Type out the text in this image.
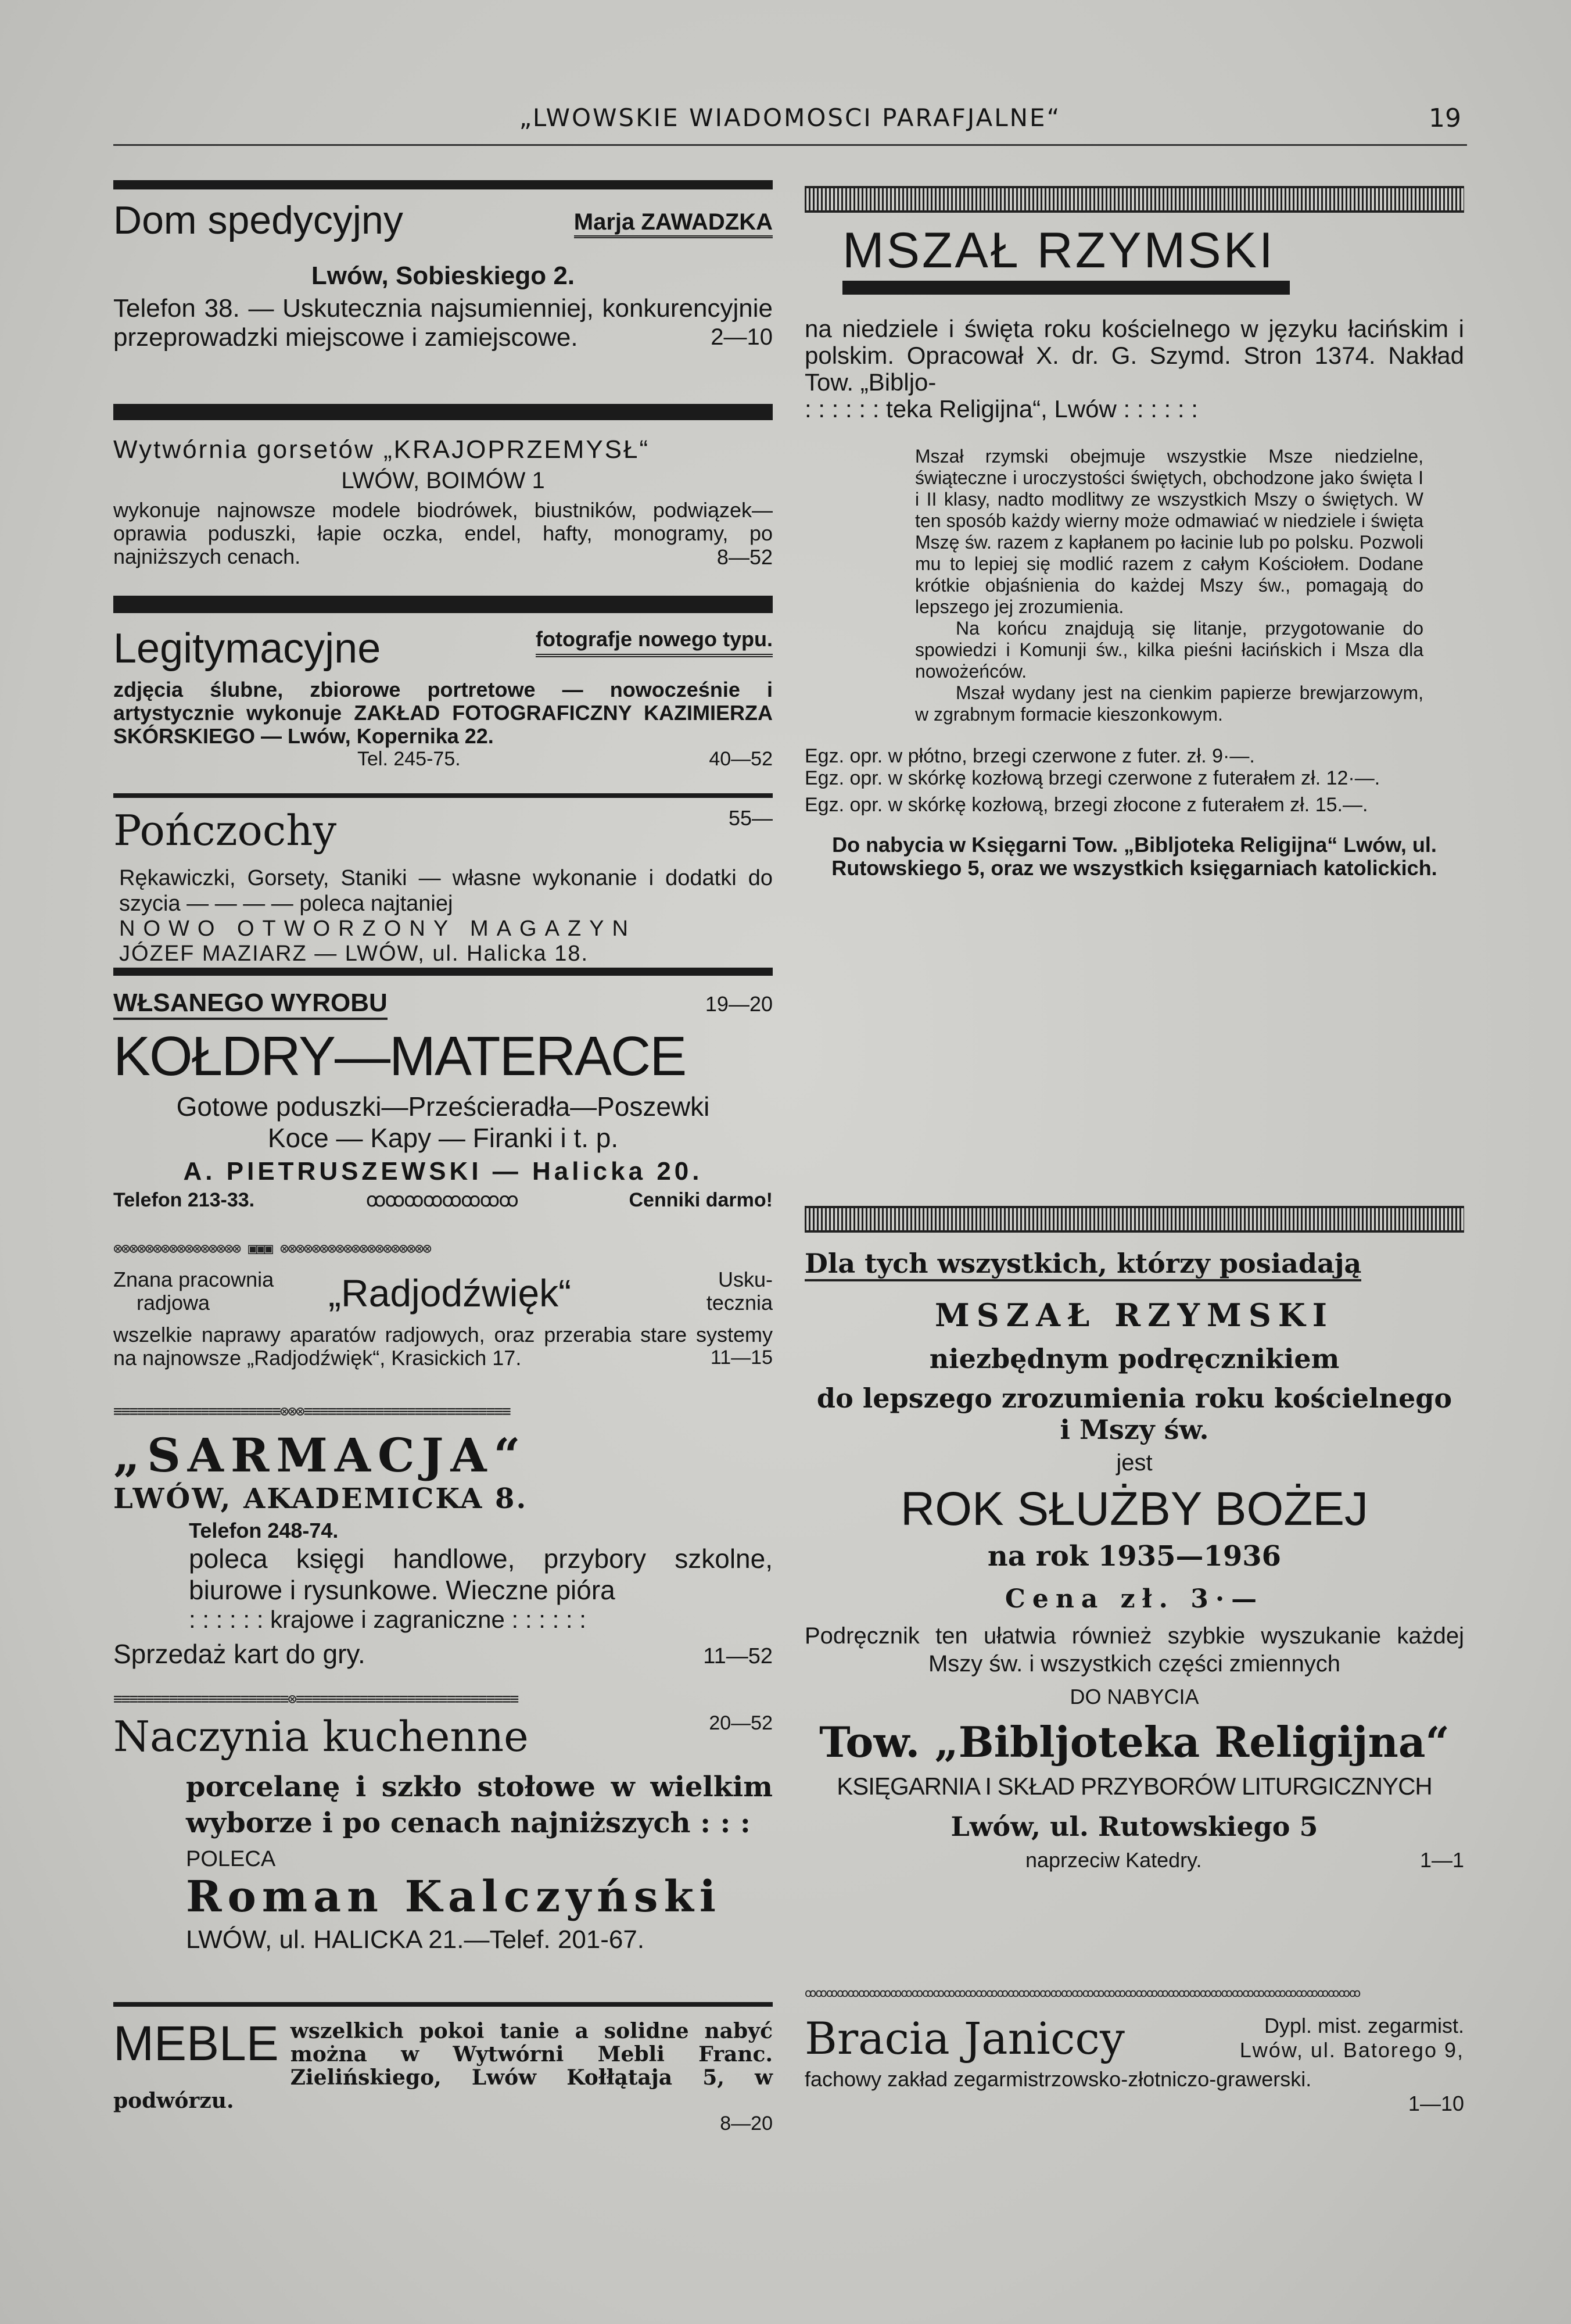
„LWOWSKIE WIADOMOSCI PARAFJALNE“	19
Dom spedycyjny	Marja ZAWADZKA

Lwów, Sobieskiego 2.

Telefon 38. — Uskutecznia najsumienniej, konkurencyjnie przeprowadzki miejscowe i zamiejscowe.	2—10

Wytwórnia gorsetów „KRAJOPRZEMYSŁ“

LWÓW, BOIMÓW 1

wykonuje najnowsze modele biodrówek, biustników, podwiązek—oprawia poduszki, łapie oczka, endel, hafty, monogramy, po najniższych cenach.	8—52
Legitymacyjne	fotografje nowego typu.

zdjęcia ślubne, zbiorowe portretowe — nowocześnie i artystycznie wykonuje ZAKŁAD FOTOGRAFICZNY KAZIMIERZA SKÓRSKIEGO — Lwów, Kopernika 22.

Tel. 245-75.	40—52
Pończochy	55—

Rękawiczki, Gorsety, Staniki — własne wykonanie i dodatki do szycia — — — — poleca najtaniej

NOWO OTWORZONY MAGAZYN

JÓZEF MAZIARZ — LWÓW, ul. Halicka 18.

WŁSANEGO WYROBU	19—20

KOŁDRY—MATERACE

Gotowe poduszki—Prześcieradła—Poszewki

Koce — Kapy — Firanki i t. p.

A. PIETRUSZEWSKI — Halicka 20.

Telefon 213-33.	ꝏꝏꝏꝏꝏꝏꝏꝏ	Cenniki darmo!
⊗⊗⊗⊗⊗⊗⊗⊗⊗⊗⊗⊗⊗⊗⊗⊗ ▣▣▣ ⊗⊗⊗⊗⊗⊗⊗⊗⊗⊗⊗⊗⊗⊗⊗⊗⊗⊗⊗
Znana pracownia
radjowa	„Radjodźwięk“	Usku-
tecznia

wszelkie naprawy aparatów radjowych, oraz przerabia stare systemy na najnowsze „Radjodźwięk“, Krasickich 17.	11—15
≡≡≡≡≡≡≡≡≡≡≡≡≡≡≡≡≡≡≡≡≡⊗⊗⊗≡≡≡≡≡≡≡≡≡≡≡≡≡≡≡≡≡≡≡≡≡≡≡≡≡≡

„SARMACJA“

LWÓW, AKADEMICKA 8.

Telefon 248-74.

poleca księgi handlowe, przybory szkolne, biurowe i rysunkowe. Wieczne pióra

: : : : : : krajowe i zagraniczne : : : : : :

Sprzedaż kart do gry.	11—52
≡≡≡≡≡≡≡≡≡≡≡≡≡≡≡≡≡≡≡≡≡≡⊗≡≡≡≡≡≡≡≡≡≡≡≡≡≡≡≡≡≡≡≡≡≡≡≡≡≡≡≡
Naczynia kuchenne	20—52

porcelanę i szkło stołowe w wielkim wyborze i po cenach najniższych : : :

POLECA

Roman Kalczyński

LWÓW, ul. HALICKA 21.—Telef. 201-67.

MEBLE wszelkich pokoi tanie a solidne nabyć można w Wytwórni Mebli Franc. Zielińskiego, Lwów Kołłątaja 5, w podwórzu.

8—20

MSZAŁ RZYMSKI

na niedziele i święta roku kościelnego w języku łacińskim i polskim. Opracował X. dr. G. Szymd. Stron 1374. Nakład Tow. „Bibljo-

: : : : : : teka Religijna“, Lwów : : : : : :

Mszał rzymski obejmuje wszystkie Msze niedzielne, świąteczne i uroczystości świętych, obchodzone jako święta I i II klasy, nadto modlitwy ze wszystkich Mszy o świętych. W ten sposób każdy wierny może odmawiać w niedziele i święta Mszę św. razem z kapłanem po łacinie lub po polsku. Pozwoli mu to lepiej się modlić razem z całym Kościołem. Dodane krótkie objaśnienia do każdej Mszy św., pomagają do lepszego jej zrozumienia.

Na końcu znajdują się litanje, przygotowanie do spowiedzi i Komunji św., kilka pieśni łacińskich i Msza dla nowożeńców.

Mszał wydany jest na cienkim papierze brewjarzowym, w zgrabnym formacie kieszonkowym.

Egz. opr. w płótno, brzegi czerwone z futer. zł. 9·—.

Egz. opr. w skórkę kozłową brzegi czerwone z futerałem zł. 12·—.

Egz. opr. w skórkę kozłową, brzegi złocone z futerałem zł. 15.—.

Do nabycia w Księgarni Tow. „Bibljoteka Religijna“ Lwów, ul. Rutowskiego 5, oraz we wszystkich księgarniach katolickich.

Dla tych wszystkich, którzy posiadają

MSZAŁ RZYMSKI

niezbędnym podręcznikiem

do lepszego zrozumienia roku kościelnego

i Mszy św.

jest

ROK SŁUŻBY BOŻEJ

na rok 1935—1936

Cena zł. 3·—

Podręcznik ten ułatwia również szybkie wyszukanie każdej Mszy św. i wszystkich części zmiennych

DO NABYCIA

Tow. „Bibljoteka Religijna“

KSIĘGARNIA I SKŁAD PRZYBORÓW LITURGICZNYCH

Lwów, ul. Rutowskiego 5

naprzeciw Katedry.	1—1
ꝏꝏꝏꝏꝏꝏꝏꝏꝏꝏꝏꝏꝏꝏꝏꝏꝏꝏꝏꝏꝏꝏꝏꝏꝏꝏꝏꝏꝏꝏꝏꝏꝏꝏꝏꝏꝏꝏꝏꝏꝏꝏꝏꝏꝏꝏꝏꝏꝏꝏꝏꝏ
Bracia Janiccy	Dypl. mist. zegarmist.
Lwów, ul. Batorego 9,

fachowy zakład zegarmistrzowsko-złotniczo-grawerski.

1—10
